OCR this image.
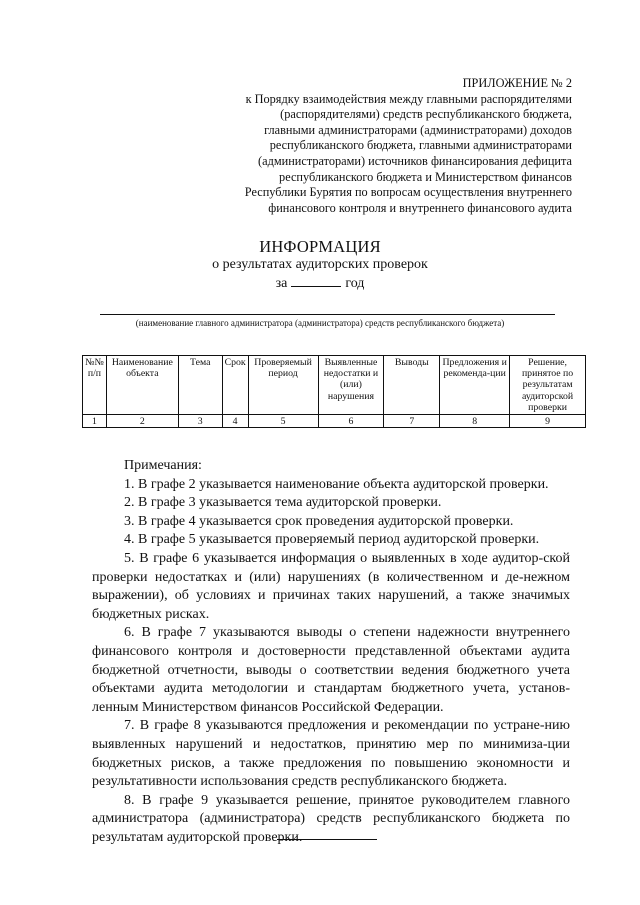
ПРИЛОЖЕНИЕ № 2
к Порядку взаимодействия между главными распорядителями
(распорядителями) средств республиканского бюджета,
главными администраторами (администраторами) доходов
республиканского бюджета, главными администраторами
(администраторами) источников финансирования дефицита
республиканского бюджета и Министерством финансов
Республики Бурятия по вопросам осуществления внутреннего
финансового контроля и внутреннего финансового аудита
ИНФОРМАЦИЯ
о результатах аудиторских проверок
за	год
(наименование главного администратора (администратора) средств республиканского бюджета)
№№ п/п	Наименование объекта	Тема	Срок	Проверяемый период	Выявленные недостатки и (или) нарушения	Выводы	Предложения и рекоменда-ции	Решение, принятое по результатам аудиторской проверки
1	2	3	4	5	6	7	8	9

Примечания:

1. В графе 2 указывается наименование объекта аудиторской проверки.

2. В графе 3 указывается тема аудиторской проверки.

3. В графе 4 указывается срок проведения аудиторской проверки.

4. В графе 5 указывается проверяемый период аудиторской проверки.

5. В графе 6 указывается информация о выявленных в ходе аудитор-ской проверки недостатках и (или) нарушениях (в количественном и де-нежном выражении), об условиях и причинах таких нарушений, а также значимых бюджетных рисках.

6. В графе 7 указываются выводы о степени надежности внутреннего финансового контроля и достоверности представленной объектами аудита бюджетной отчетности, выводы о соответствии ведения бюджетного учета объектами аудита методологии и стандартам бюджетного учета, установ-ленным Министерством финансов Российской Федерации.

7. В графе 8 указываются предложения и рекомендации по устране-нию выявленных нарушений и недостатков, принятию мер по минимиза-ции бюджетных рисков, а также предложения по повышению экономности и результативности использования средств республиканского бюджета.

8. В графе 9 указывается решение, принятое руководителем главного администратора (администратора) средств республиканского бюджета по результатам аудиторской проверки.
